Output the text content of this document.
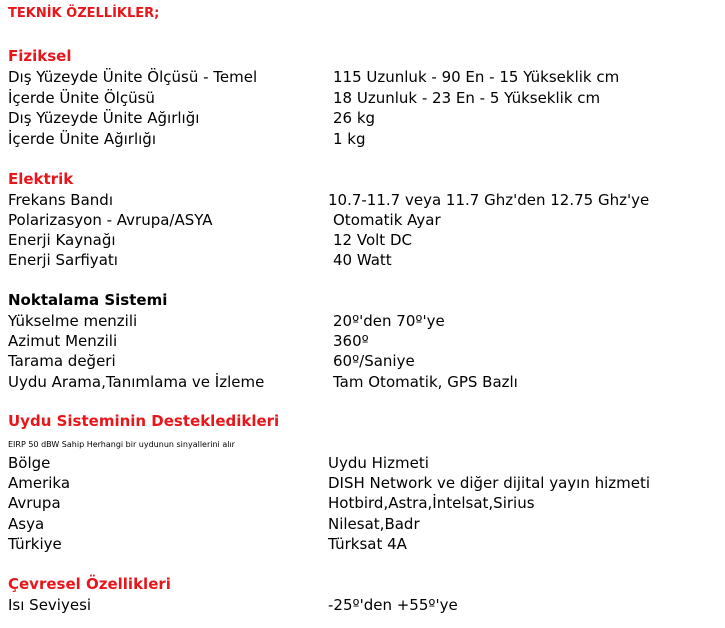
TEKNİK ÖZELLİKLER;
Fiziksel
Dış Yüzeyde Ünite Ölçüsü - Temel	115 Uzunluk - 90 En - 15 Yükseklik cm
İçerde Ünite Ölçüsü	18 Uzunluk - 23 En - 5 Yükseklik cm
Dış Yüzeyde Ünite Ağırlığı	26 kg
İçerde Ünite Ağırlığı	1 kg
Elektrik
Frekans Bandı	10.7-11.7 veya 11.7 Ghz'den 12.75 Ghz'ye
Polarizasyon - Avrupa/ASYA	Otomatik Ayar
Enerji Kaynağı	12 Volt DC
Enerji Sarfiyatı	40 Watt
Noktalama Sistemi
Yükselme menzili	20º'den 70º'ye
Azimut Menzili	360º
Tarama değeri	60º/Saniye
Uydu Arama,Tanımlama ve İzleme	Tam Otomatik, GPS Bazlı
Uydu Sisteminin Destekledikleri
EIRP 50 dBW Sahip Herhangi bir uydunun sinyallerini alır
Bölge	Uydu Hizmeti
Amerika	DISH Network ve diğer dijital yayın hizmeti
Avrupa	Hotbird,Astra,İntelsat,Sirius
Asya	Nilesat,Badr
Türkiye	Türksat 4A
Çevresel Özellikleri
Isı Seviyesi	-25º'den +55º'ye
